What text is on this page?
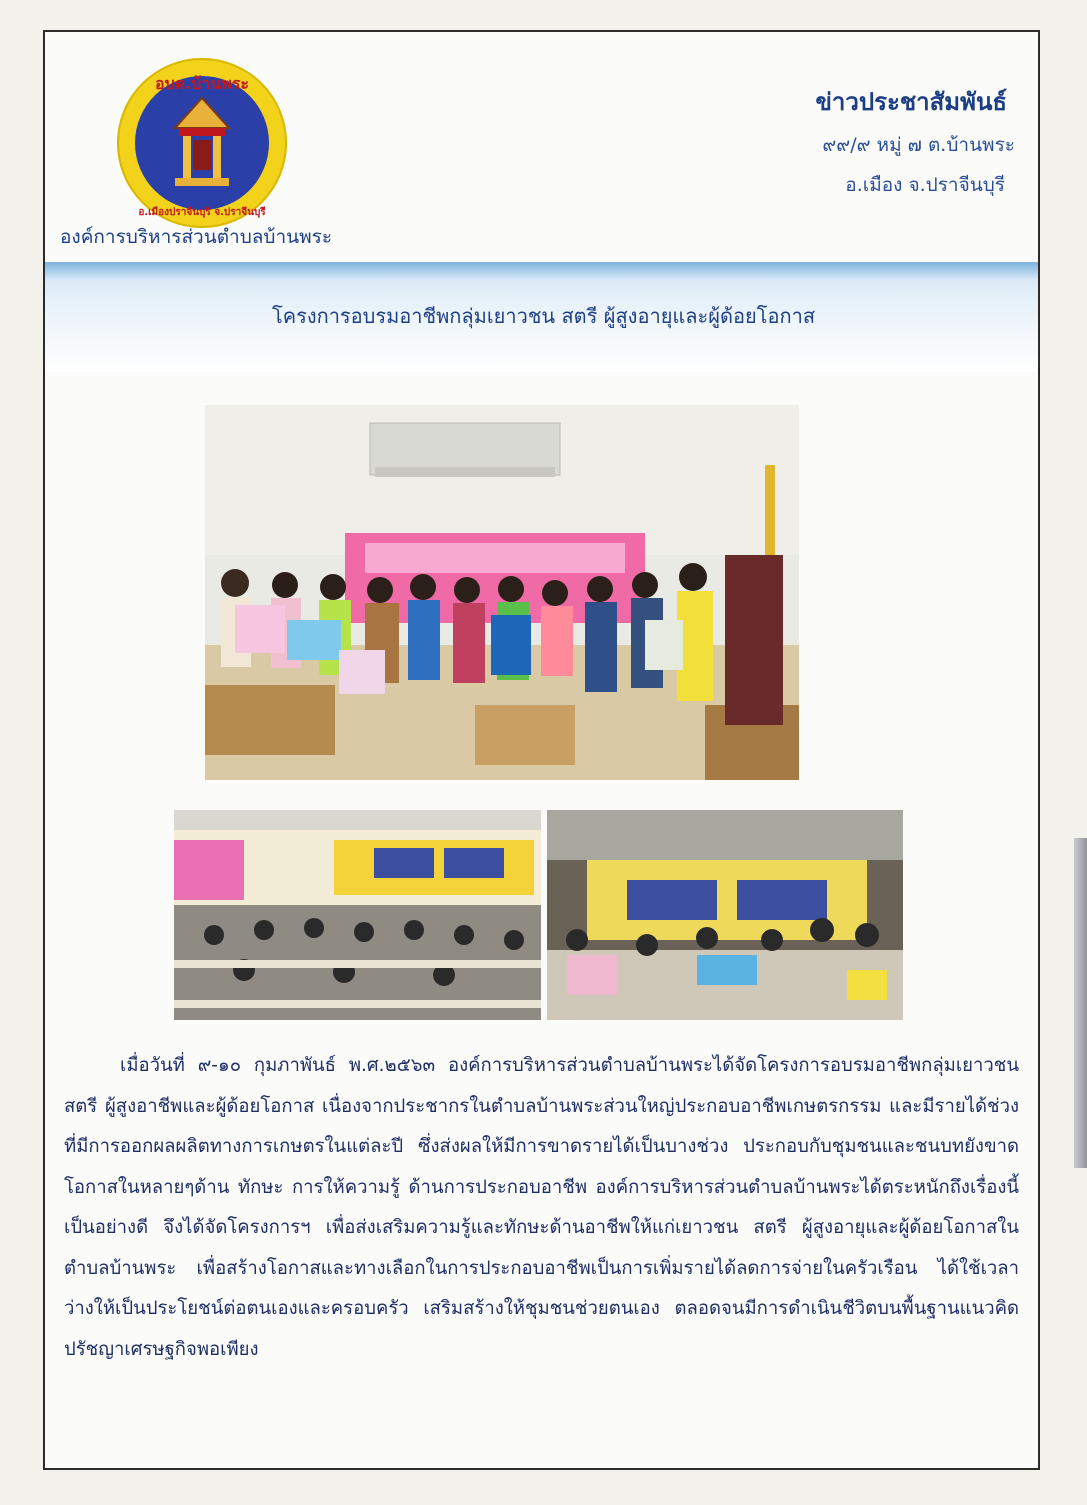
อบต.บ้านพระ
อ.เมืองปราจีนบุรี จ.ปราจีนบุรี
องค์การบริหารส่วนตำบลบ้านพระ
ข่าวประชาสัมพันธ์
๙๙/๙ หมู่ ๗ ต.บ้านพระ
อ.เมือง จ.ปราจีนบุรี
โครงการอบรมอาชีพกลุ่มเยาวชน สตรี ผู้สูงอายุและผู้ด้อยโอกาส

เมื่อวันที่ ๙-๑๐ กุมภาพันธ์ พ.ศ.๒๕๖๓ องค์การบริหารส่วนตำบลบ้านพระได้จัดโครงการอบรมอาชีพกลุ่มเยาวชน สตรี ผู้สูงอาชีพและผู้ด้อยโอกาส เนื่องจากประชากรในตำบลบ้านพระส่วนใหญ่ประกอบอาชีพเกษตรกรรม และมีรายได้ช่วงที่มีการออกผลผลิตทางการเกษตรในแต่ละปี ซึ่งส่งผลให้มีการขาดรายได้เป็นบางช่วง ประกอบกับชุมชนและชนบทยังขาดโอกาสในหลายๆด้าน ทักษะ การให้ความรู้ ด้านการประกอบอาชีพ องค์การบริหารส่วนตำบลบ้านพระได้ตระหนักถึงเรื่องนี้เป็นอย่างดี จึงได้จัดโครงการฯ เพื่อส่งเสริมความรู้และทักษะด้านอาชีพให้แก่เยาวชน สตรี ผู้สูงอายุและผู้ด้อยโอกาสในตำบลบ้านพระ เพื่อสร้างโอกาสและทางเลือกในการประกอบอาชีพเป็นการเพิ่มรายได้ลดการจ่ายในครัวเรือน ได้ใช้เวลาว่างให้เป็นประโยชน์ต่อตนเองและครอบครัว เสริมสร้างให้ชุมชนช่วยตนเอง ตลอดจนมีการดำเนินชีวิตบนพื้นฐานแนวคิดปรัชญาเศรษฐกิจพอเพียง
